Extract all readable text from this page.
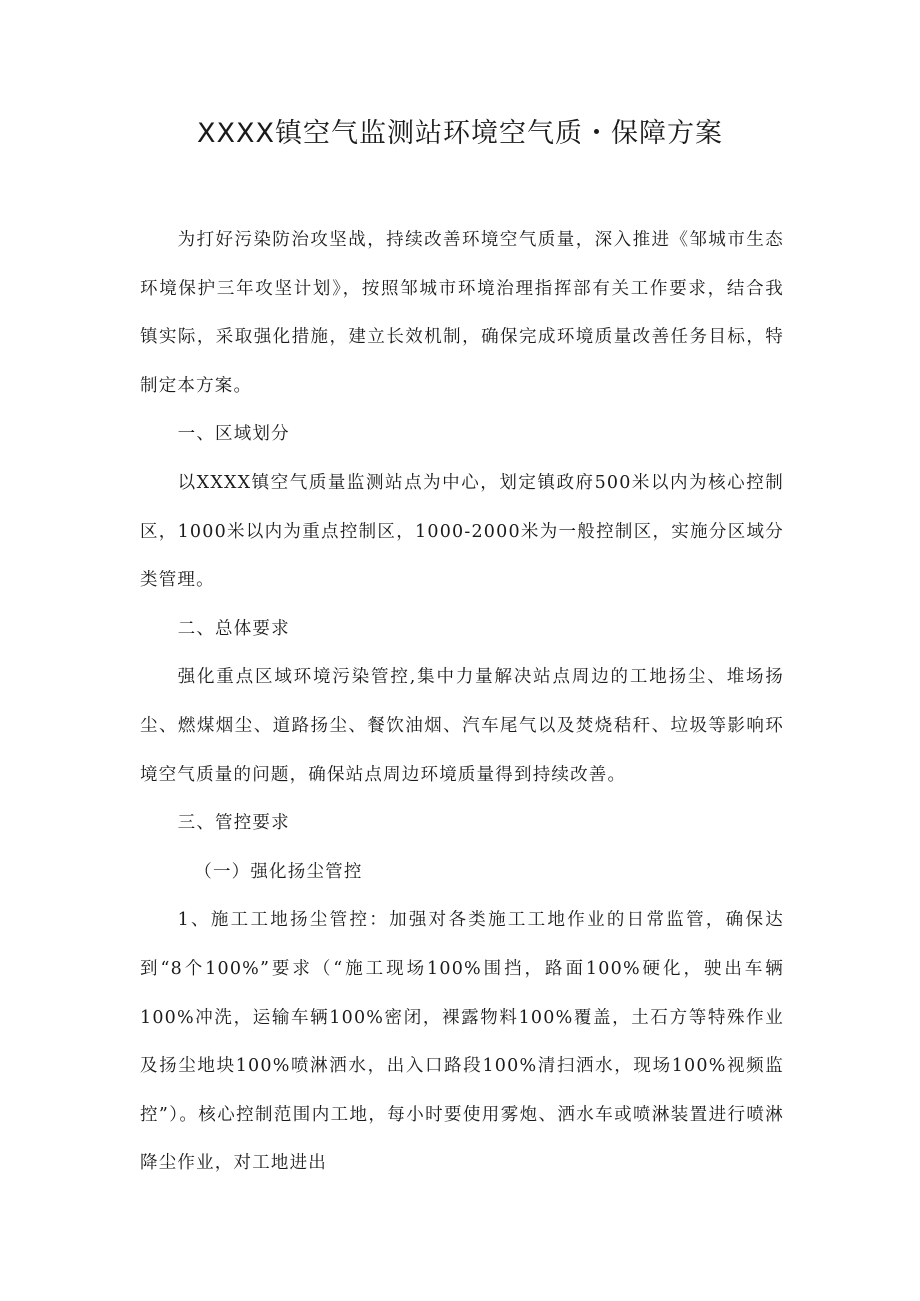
XXXX镇空气监测站环境空气质・保障方案

为打好污染防治攻坚战，持续改善环境空气质量，深入推进《邹城市生态环境保护三年攻坚计划》，按照邹城市环境治理指挥部有关工作要求，结合我镇实际，采取强化措施，建立长效机制，确保完成环境质量改善任务目标，特制定本方案。

一、区域划分

以XXXX镇空气质量监测站点为中心，划定镇政府500米以内为核心控制区，1000米以内为重点控制区，1000-2000米为一般控制区，实施分区域分类管理。

二、总体要求

强化重点区域环境污染管控,集中力量解决站点周边的工地扬尘、堆场扬尘、燃煤烟尘、道路扬尘、餐饮油烟、汽车尾气以及焚烧秸秆、垃圾等影响环境空气质量的问题，确保站点周边环境质量得到持续改善。

三、管控要求

（一）强化扬尘管控

1、施工工地扬尘管控：加强对各类施工工地作业的日常监管，确保达到“8个100%”要求（“施工现场100%围挡，路面100%硬化，驶出车辆100%冲洗，运输车辆100%密闭，裸露物料100%覆盖，土石方等特殊作业及扬尘地块100%喷淋洒水，出入口路段100%清扫洒水，现场100%视频监控”）。核心控制范围内工地，每小时要使用雾炮、洒水车或喷淋装置进行喷淋降尘作业，对工地进出
